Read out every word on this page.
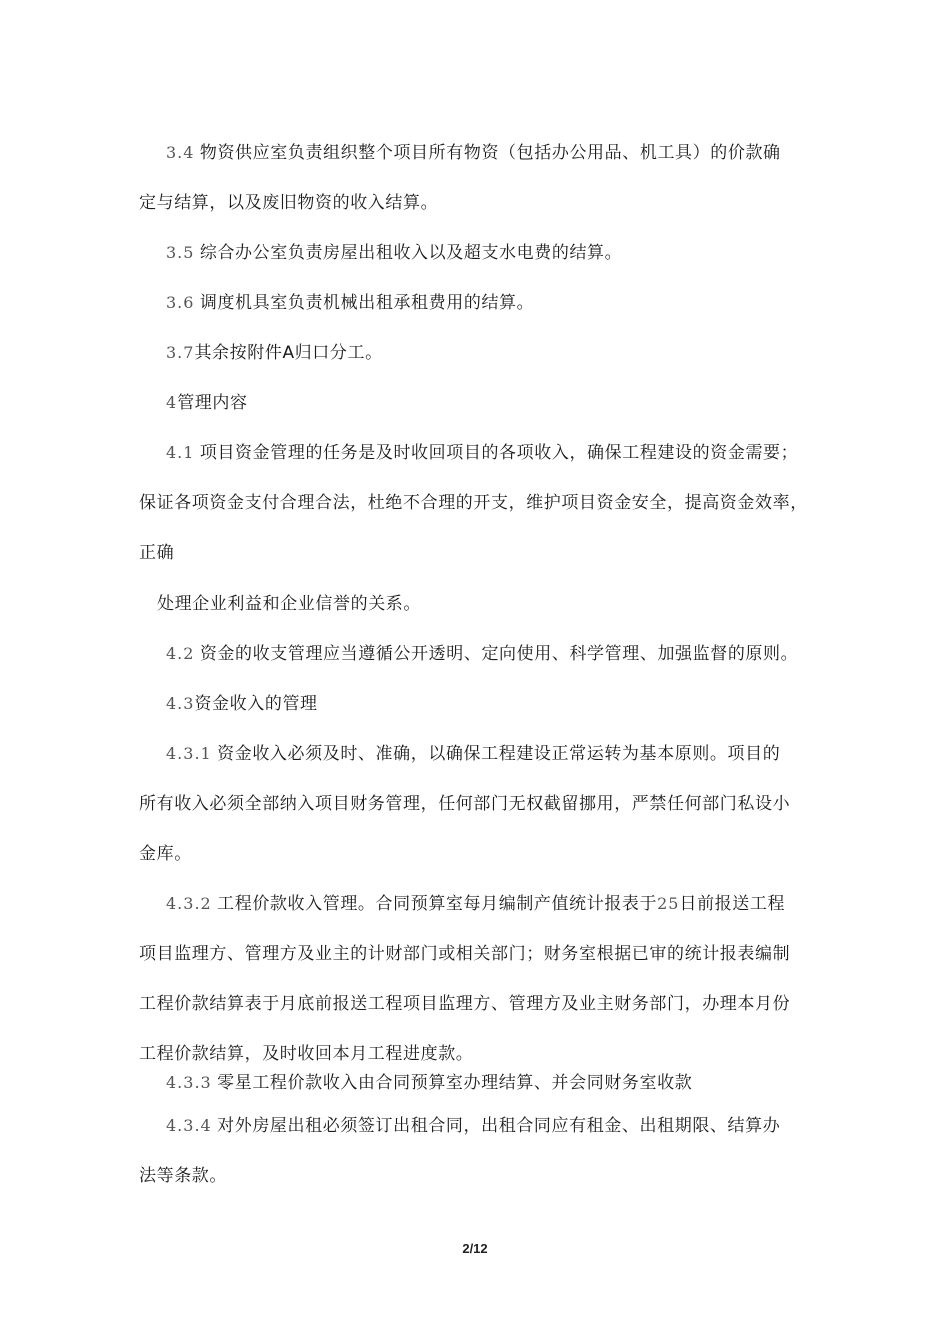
3.4 物资供应室负责组织整个项目所有物资（包括办公用品、机工具）的价款确
定与结算，以及废旧物资的收入结算。
3.5 综合办公室负责房屋出租收入以及超支水电费的结算。
3.6 调度机具室负责机械出租承租费用的结算。
3.7其余按附件A归口分工。
4管理内容
4.1 项目资金管理的任务是及时收回项目的各项收入，确保工程建设的资金需要；
保证各项资金支付合理合法，杜绝不合理的开支，维护项目资金安全，提高资金效率，
正确
处理企业利益和企业信誉的关系。
4.2 资金的收支管理应当遵循公开透明、定向使用、科学管理、加强监督的原则。
4.3资金收入的管理
4.3.1 资金收入必须及时、准确，以确保工程建设正常运转为基本原则。项目的
所有收入必须全部纳入项目财务管理，任何部门无权截留挪用，严禁任何部门私设小
金库。
4.3.2 工程价款收入管理。合同预算室每月编制产值统计报表于25日前报送工程
项目监理方、管理方及业主的计财部门或相关部门；财务室根据已审的统计报表编制
工程价款结算表于月底前报送工程项目监理方、管理方及业主财务部门，办理本月份
工程价款结算，及时收回本月工程进度款。
4.3.3 零星工程价款收入由合同预算室办理结算、并会同财务室收款
4.3.4 对外房屋出租必须签订出租合同，出租合同应有租金、出租期限、结算办
法等条款。
2/12
